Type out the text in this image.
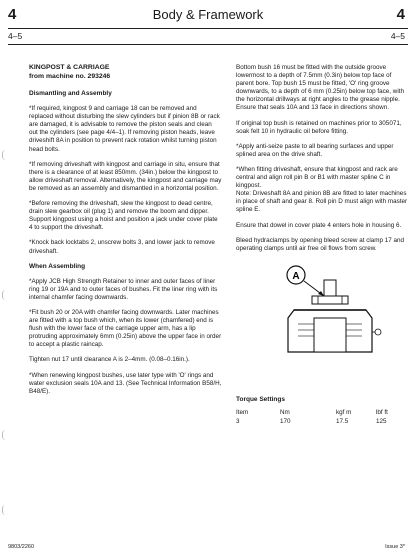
4	Body & Framework	4
4–5	4–5
KINGPOST & CARRIAGE
from machine no. 293246
Dismantling and Assembly

*If required, kingpost 9 and carriage 18 can be removed and replaced without disturbing the slew cylinders but if pinion 8B or rack are damaged, it is advisable to remove the piston seals and clean out the cylinders (see page 4/4–1). If removing piston heads, leave driveshift 8A in position to prevent rack rotation whilst turning piston head bolts.

*If removing driveshaft with kingpost and carriage in situ, ensure that there is a clearance of at least 850mm. (34in.) below the kingpost to allow driveshaft removal. Alternatively, the kingpost and carriage may be removed as an assembly and dismantled in a horizontal position.

*Before removing the driveshaft, slew the kingpost to dead centre, drain slew gearbox oil (plug 1) and remove the boom and dipper. Support kingpost using a hoist and position a jack under cover plate 4 to support the driveshaft.

*Knock back locktabs 2, unscrew bolts 3, and lower jack to remove driveshaft.

When Assembling

*Apply JCB High Strength Retainer to inner and outer faces of liner ring 19 or 19A and to outer faces of bushes. Fit the liner ring with its internal chamfer facing downwards.

*Fit bush 20 or 20A with chamfer facing downwards. Later machines are fitted with a top bush which, when its lower (chamfered) end is flush with the lower face of the carriage upper arm, has a lip protruding approximately 6mm (0.25in) above the upper face in order to accept a plastic raincap.

Tighten nut 17 until clearance A is 2–4mm. (0.08–0.16in.).

*When renewing kingpost bushes, use later type with 'O' rings and water exclusion seals 10A and 13. (See Technical Information B58/H, B48/E).

Bottom bush 16 must be fitted with the outside groove lowermost to a depth of 7.5mm (0.3in) below top face of parent bore. Top bush 15 must be fitted, 'O' ring groove downwards, to a depth of 6 mm (0.25in) below top face, with the horizontal drillways at right angles to the grease nipple. Ensure that seals 10A and 13 face in directions shown.

If original top bush is retained on machines prior to 305071, soak felt 10 in hydraulic oil before fitting.

*Apply anti-seize paste to all bearing surfaces and upper splined area on the drive shaft.

*When fitting driveshaft, ensure that kingpost and rack are central and align roll pin B or B1 with master spline C in kingpost.
Note: Driveshaft 8A and pinion 8B are fitted to later machines in place of shaft and gear 8. Roll pin D must align with master spline E.

Ensure that dowel in cover plate 4 enters hole in housing 6.

Bleed hydraclamps by opening bleed screw at clamp 17 and operating clamps until air free oil flows from screw.

A
Torque Settings
Item	Nm	kgf m	lbf ft
3	170	17.5	125
9803/2260	Issue 3*
